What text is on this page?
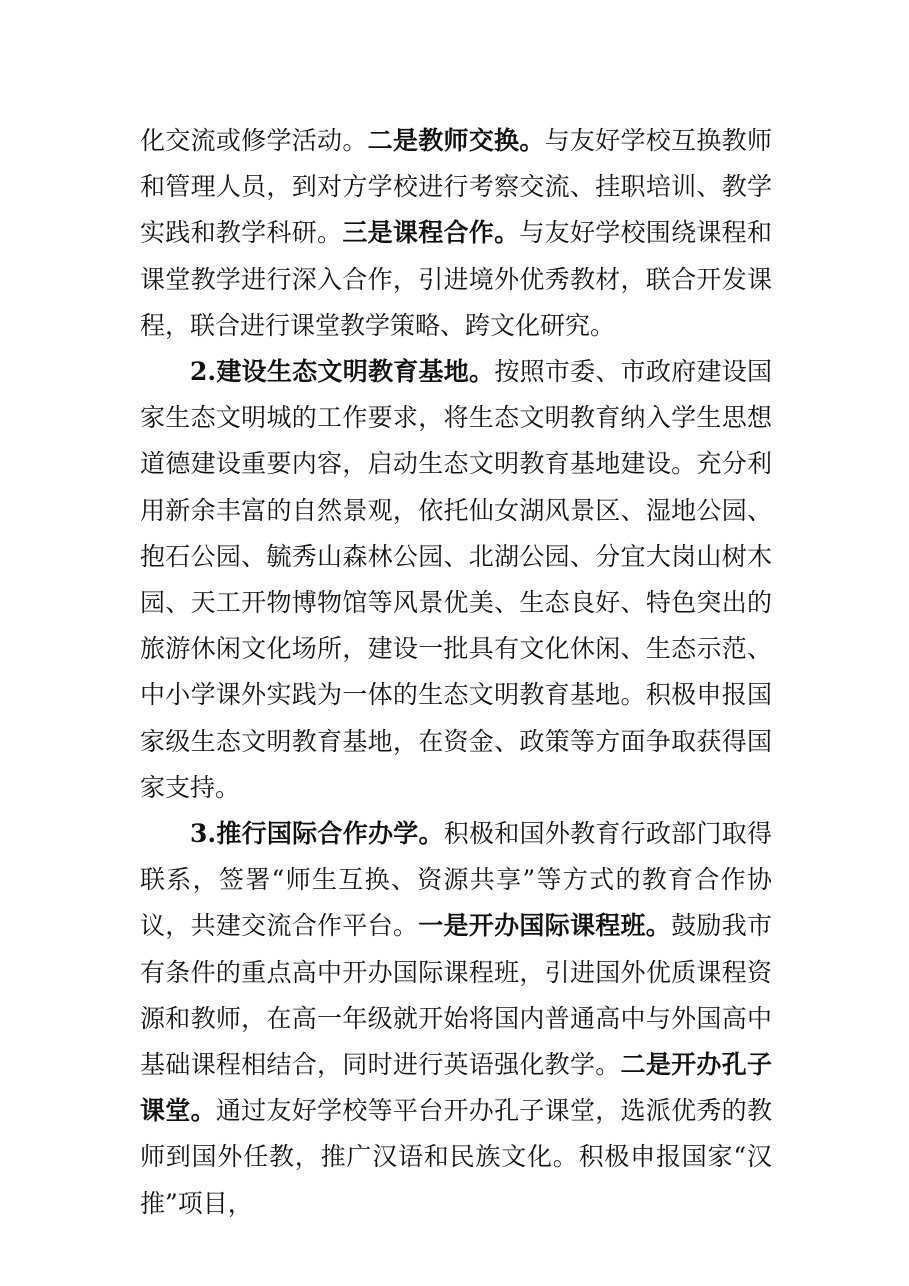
化交流或修学活动。二是教师交换。与友好学校互换教师和管理人员，到对方学校进行考察交流、挂职培训、教学实践和教学科研。三是课程合作。与友好学校围绕课程和课堂教学进行深入合作，引进境外优秀教材，联合开发课程，联合进行课堂教学策略、跨文化研究。

2.建设生态文明教育基地。按照市委、市政府建设国家生态文明城的工作要求，将生态文明教育纳入学生思想道德建设重要内容，启动生态文明教育基地建设。充分利用新余丰富的自然景观，依托仙女湖风景区、湿地公园、抱石公园、毓秀山森林公园、北湖公园、分宜大岗山树木园、天工开物博物馆等风景优美、生态良好、特色突出的旅游休闲文化场所，建设一批具有文化休闲、生态示范、中小学课外实践为一体的生态文明教育基地。积极申报国家级生态文明教育基地，在资金、政策等方面争取获得国家支持。

3.推行国际合作办学。积极和国外教育行政部门取得联系，签署“师生互换、资源共享”等方式的教育合作协议，共建交流合作平台。一是开办国际课程班。鼓励我市有条件的重点高中开办国际课程班，引进国外优质课程资源和教师，在高一年级就开始将国内普通高中与外国高中基础课程相结合，同时进行英语强化教学。二是开办孔子课堂。通过友好学校等平台开办孔子课堂，选派优秀的教师到国外任教，推广汉语和民族文化。积极申报国家“汉推”项目，
